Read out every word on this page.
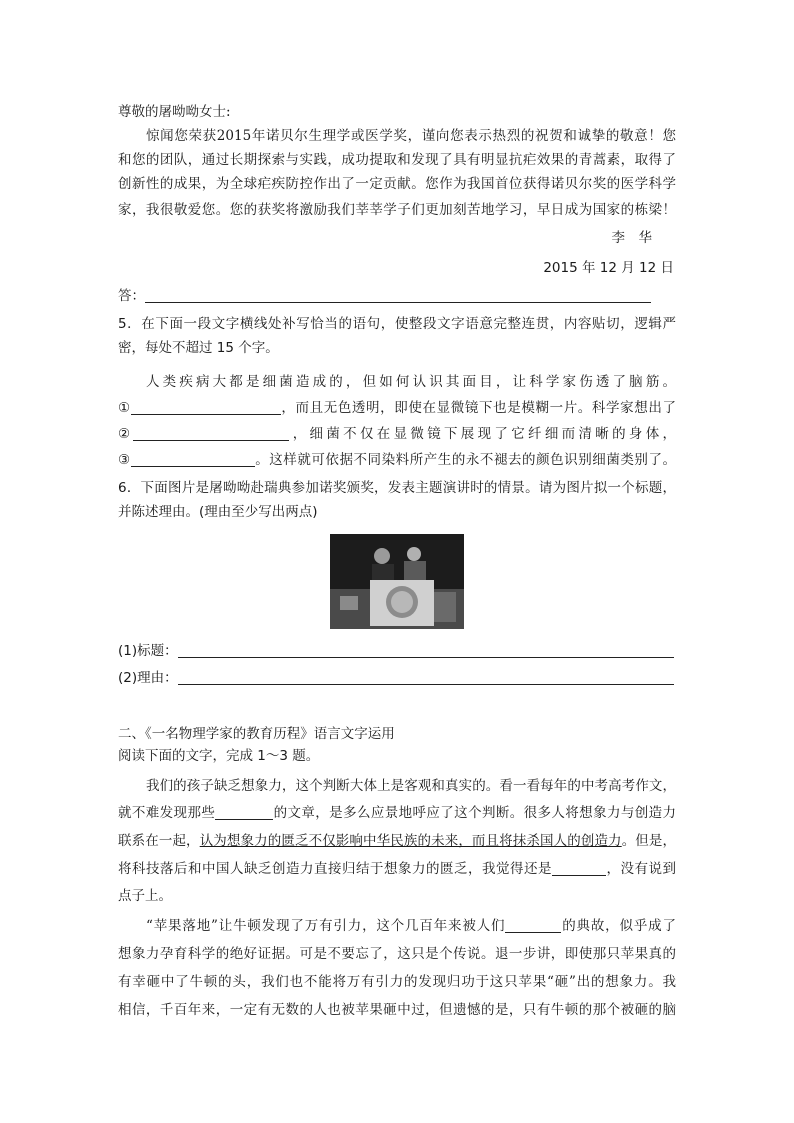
尊敬的屠呦呦女士:
惊闻您荣获2015年诺贝尔生理学或医学奖，谨向您表示热烈的祝贺和诚挚的敬意！您
和您的团队，通过长期探索与实践，成功提取和发现了具有明显抗疟效果的青蒿素，取得了
创新性的成果，为全球疟疾防控作出了一定贡献。您作为我国首位获得诺贝尔奖的医学科学
家，我很敬爱您。您的获奖将激励我们莘莘学子们更加刻苦地学习，早日成为国家的栋梁！
李　华
2015 年 12 月 12 日
答：
5．在下面一段文字横线处补写恰当的语句，使整段文字语意完整连贯，内容贴切，逻辑严
密，每处不超过 15 个字。
人类疾病大都是细菌造成的，但如何认识其面目，让科学家伤透了脑筋。
①	，而且无色透明，即使在显微镜下也是模糊一片。科学家想出了
②	，细菌不仅在显微镜下展现了它纤细而清晰的身体，
③	。这样就可依据不同染料所产生的永不褪去的颜色识别细菌类别了。
6．下面图片是屠呦呦赴瑞典参加诺奖颁奖，发表主题演讲时的情景。请为图片拟一个标题，
并陈述理由。(理由至少写出两点)
(1)标题：
(2)理由：
二、《一名物理学家的教育历程》语言文字运用
阅读下面的文字，完成 1～3 题。
我们的孩子缺乏想象力，这个判断大体上是客观和真实的。看一看每年的中考高考作文，
就不难发现那些	的文章，是多么应景地呼应了这个判断。很多人将想象力与创造力
联系在一起，认为想象力的匮乏不仅影响中华民族的未来，而且将抹杀国人的创造力。但是，
将科技落后和中国人缺乏创造力直接归结于想象力的匮乏，我觉得还是	，没有说到
点子上。
“苹果落地”让牛顿发现了万有引力，这个几百年来被人们	的典故，似乎成了
想象力孕育科学的绝好证据。可是不要忘了，这只是个传说。退一步讲，即使那只苹果真的
有幸砸中了牛顿的头，我们也不能将万有引力的发现归功于这只苹果“砸”出的想象力。我
相信，千百年来，一定有无数的人也被苹果砸中过，但遗憾的是，只有牛顿的那个被砸的脑
